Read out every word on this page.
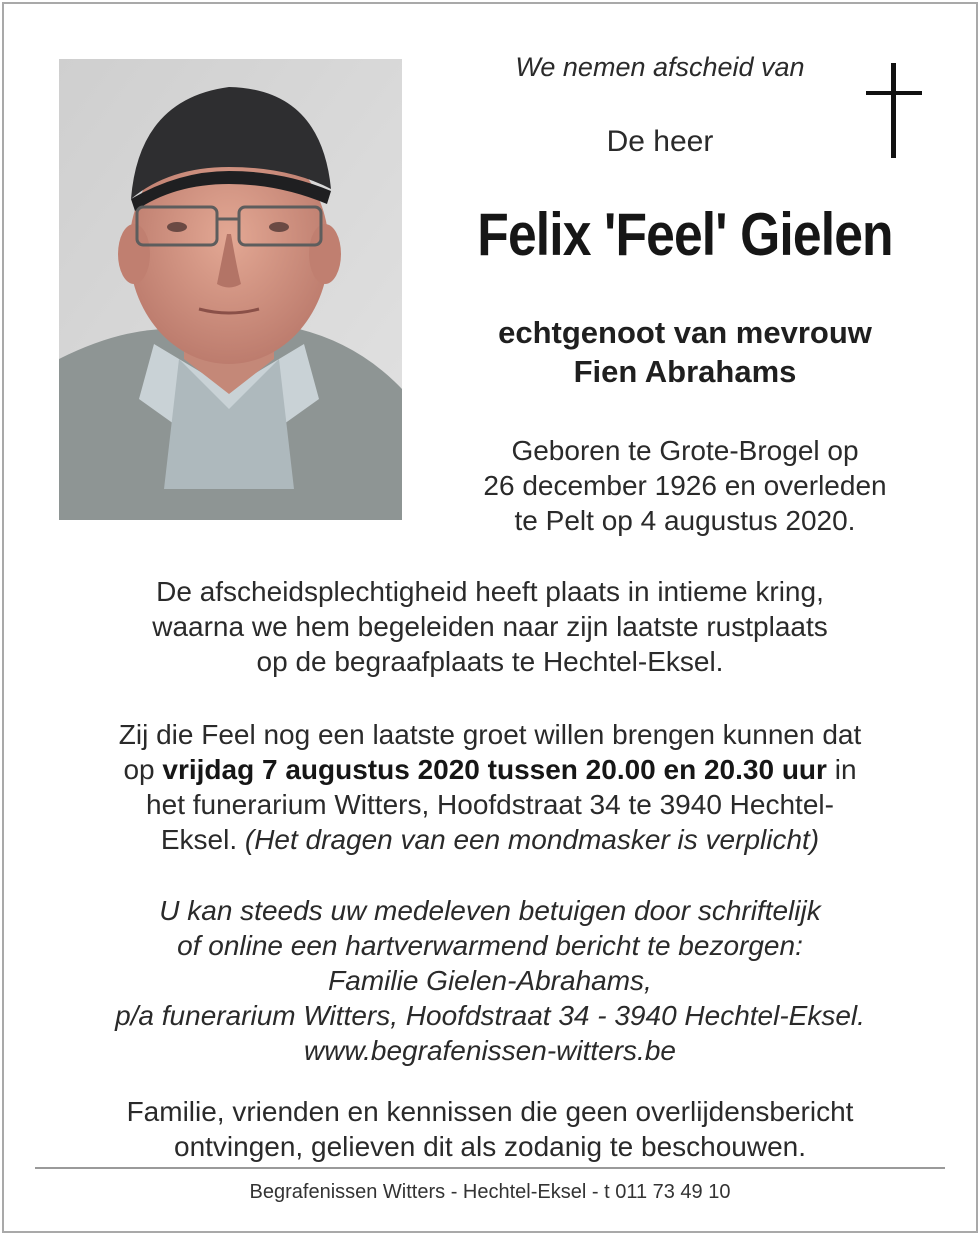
We nemen afscheid van
De heer
Felix 'Feel' Gielen
echtgenoot van mevrouw
Fien Abrahams
Geboren te Grote-Brogel op
26 december 1926 en overleden
te Pelt op 4 augustus 2020.
De afscheidsplechtigheid heeft plaats in intieme kring,
waarna we hem begeleiden naar zijn laatste rustplaats
op de begraafplaats te Hechtel-Eksel.
Zij die Feel nog een laatste groet willen brengen kunnen dat
op vrijdag 7 augustus 2020 tussen 20.00 en 20.30 uur in
het funerarium Witters, Hoofdstraat 34 te 3940 Hechtel-
Eksel. (Het dragen van een mondmasker is verplicht)
U kan steeds uw medeleven betuigen door schriftelijk
of online een hartverwarmend bericht te bezorgen:
Familie Gielen-Abrahams,
p/a funerarium Witters, Hoofdstraat 34 - 3940 Hechtel-Eksel.
www.begrafenissen-witters.be
Familie, vrienden en kennissen die geen overlijdensbericht
ontvingen, gelieven dit als zodanig te beschouwen.
Begrafenissen Witters - Hechtel-Eksel - t 011 73 49 10
